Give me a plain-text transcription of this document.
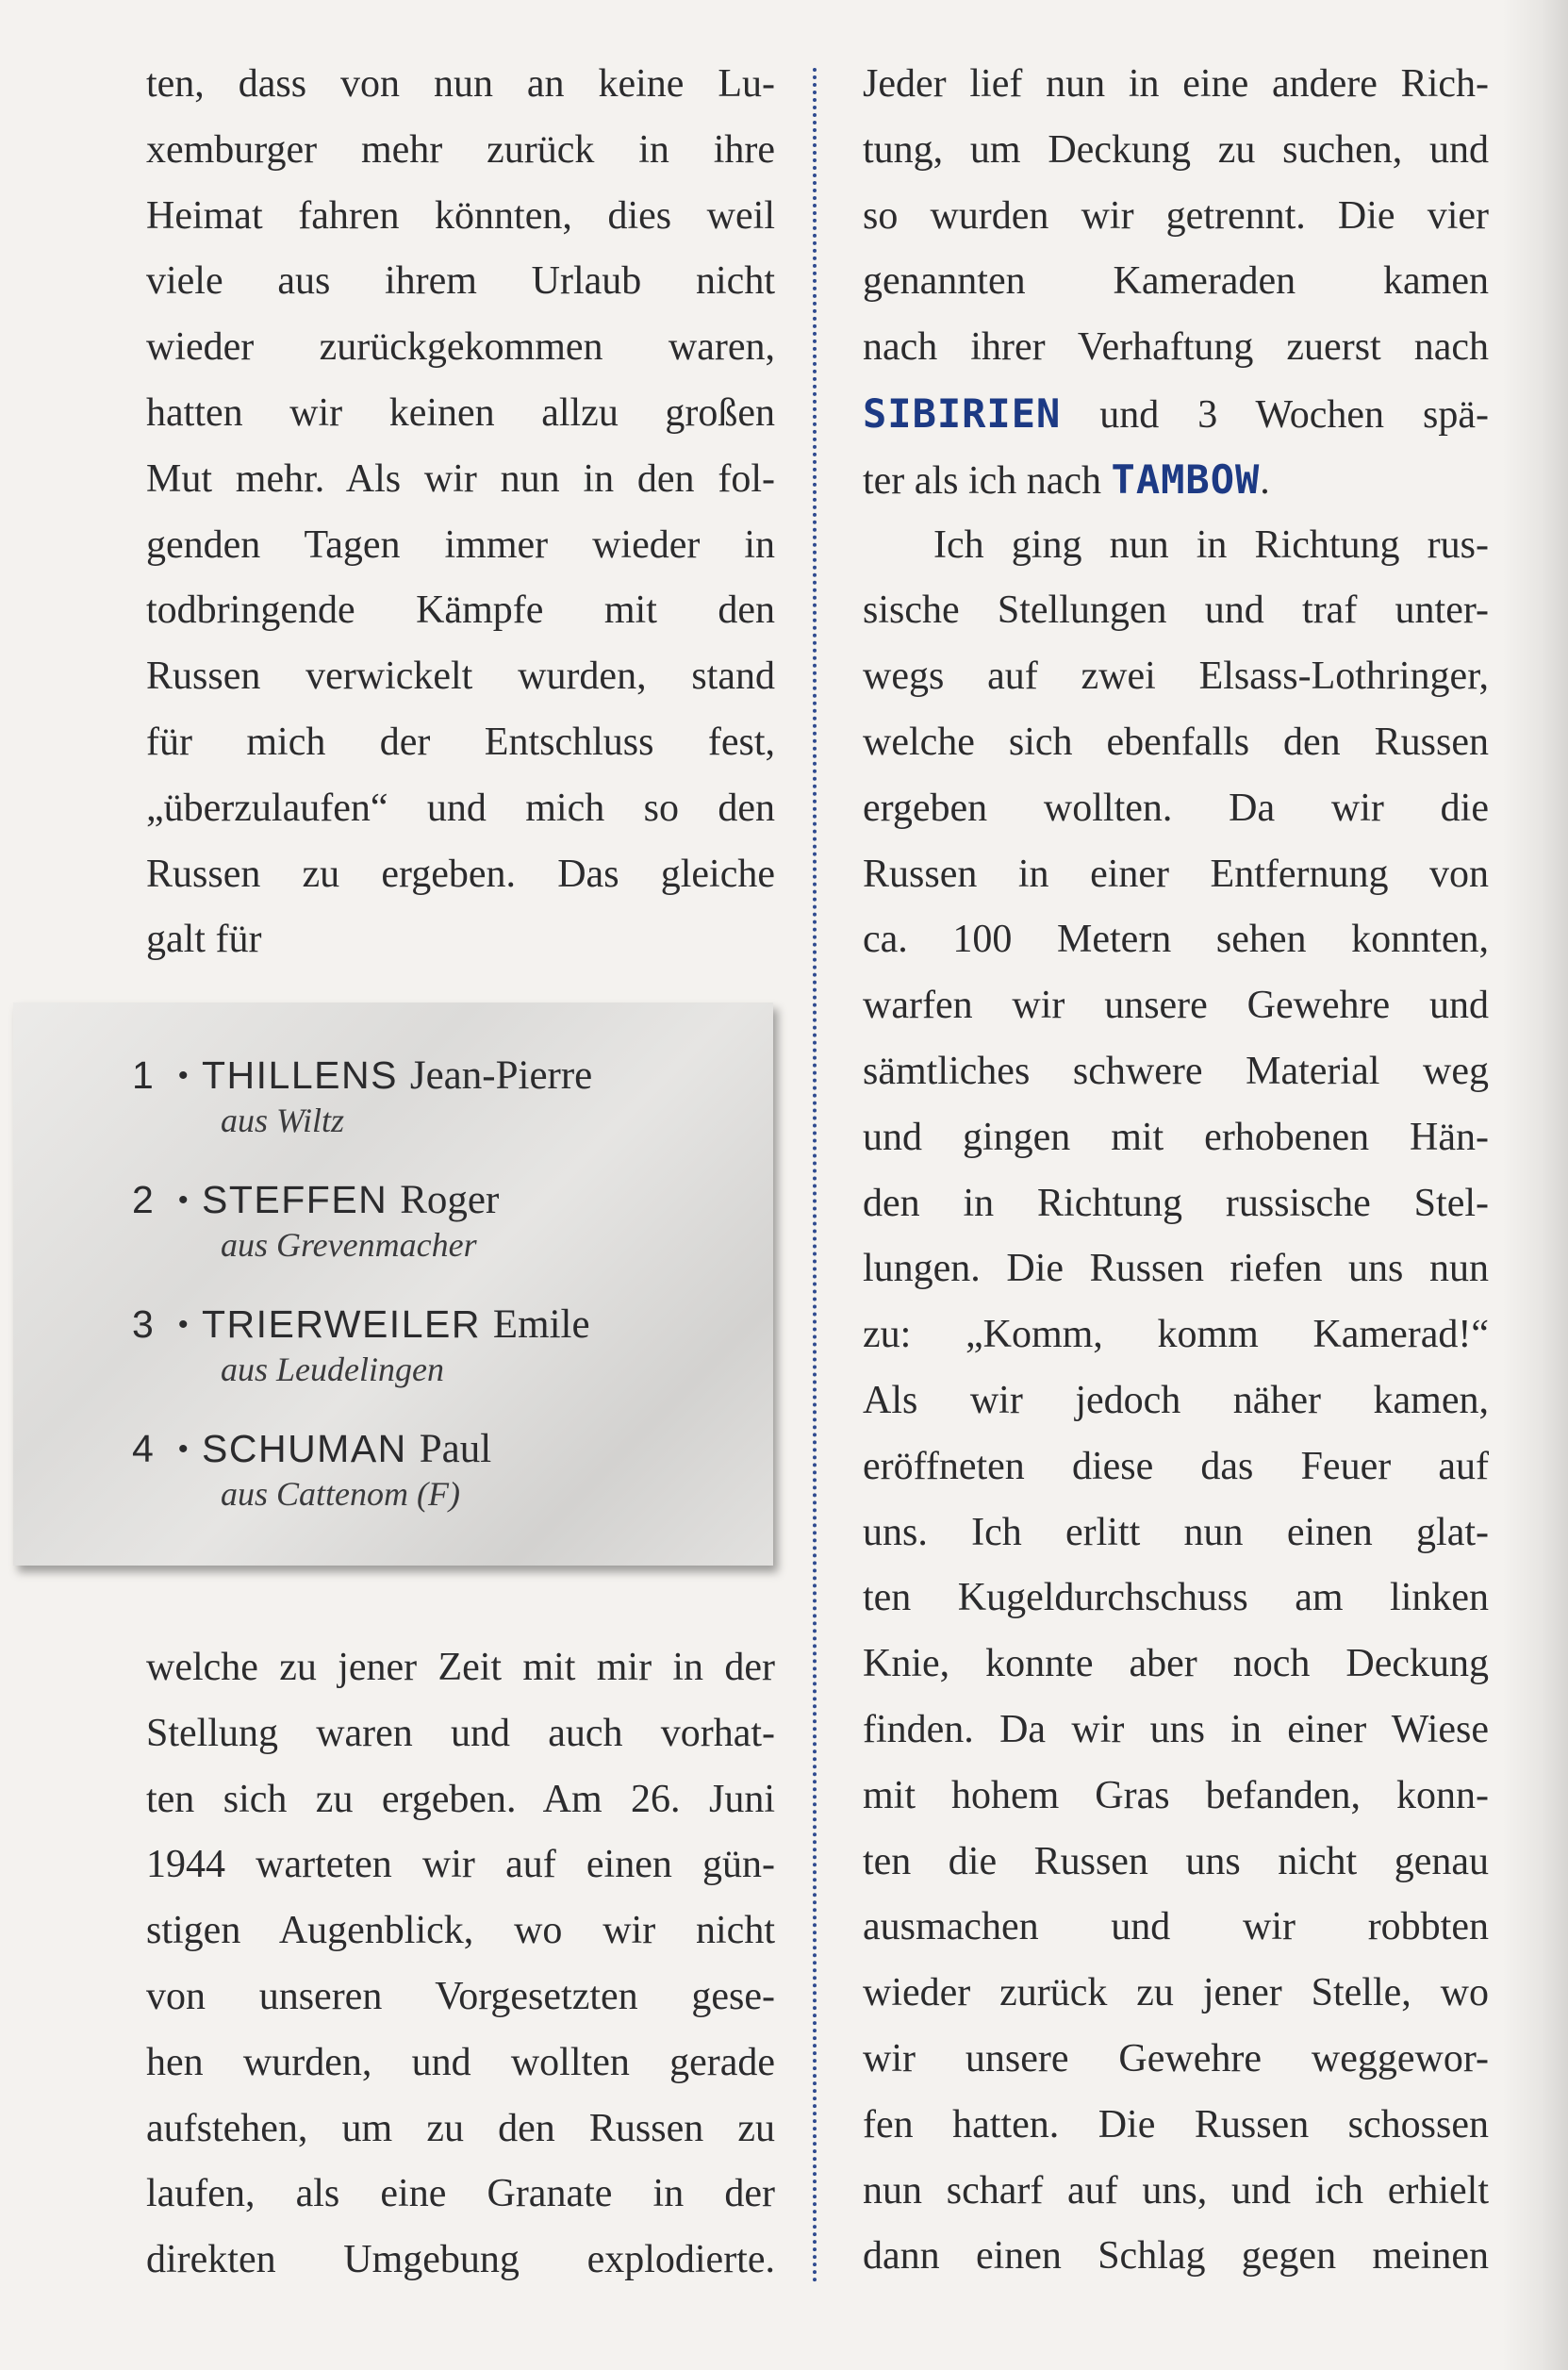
ten, dass von nun an keine Lu-
xemburger mehr zurück in ihre
Heimat fahren könnten, dies weil
viele aus ihrem Urlaub nicht
wieder zurückgekommen waren,
hatten wir keinen allzu großen
Mut mehr. Als wir nun in den fol-
genden Tagen immer wieder in
todbringende Kämpfe mit den
Russen verwickelt wurden, stand
für mich der Entschluss fest,
„überzulaufen“ und mich so den
Russen zu ergeben. Das gleiche
galt für
1 • THILLENS Jean-Pierre
aus Wiltz
2 • STEFFEN Roger
aus Grevenmacher
3 • TRIERWEILER Emile
aus Leudelingen
4 • SCHUMAN Paul
aus Cattenom (F)
welche zu jener Zeit mit mir in der
Stellung waren und auch vorhat-
ten sich zu ergeben. Am 26. Juni
1944 warteten wir auf einen gün-
stigen Augenblick, wo wir nicht
von unseren Vorgesetzten gese-
hen wurden, und wollten gerade
aufstehen, um zu den Russen zu
laufen, als eine Granate in der
direkten Umgebung explodierte.
Jeder lief nun in eine andere Rich-
tung, um Deckung zu suchen, und
so wurden wir getrennt. Die vier
genannten Kameraden kamen
nach ihrer Verhaftung zuerst nach
SIBIRIEN und 3 Wochen spä-
ter als ich nach TAMBOW.
Ich ging nun in Richtung rus-
sische Stellungen und traf unter-
wegs auf zwei Elsass-Lothringer,
welche sich ebenfalls den Russen
ergeben wollten. Da wir die
Russen in einer Entfernung von
ca. 100 Metern sehen konnten,
warfen wir unsere Gewehre und
sämtliches schwere Material weg
und gingen mit erhobenen Hän-
den in Richtung russische Stel-
lungen. Die Russen riefen uns nun
zu: „Komm, komm Kamerad!“
Als wir jedoch näher kamen,
eröffneten diese das Feuer auf
uns. Ich erlitt nun einen glat-
ten Kugeldurchschuss am linken
Knie, konnte aber noch Deckung
finden. Da wir uns in einer Wiese
mit hohem Gras befanden, konn-
ten die Russen uns nicht genau
ausmachen und wir robbten
wieder zurück zu jener Stelle, wo
wir unsere Gewehre weggewor-
fen hatten. Die Russen schossen
nun scharf auf uns, und ich erhielt
dann einen Schlag gegen meinen
